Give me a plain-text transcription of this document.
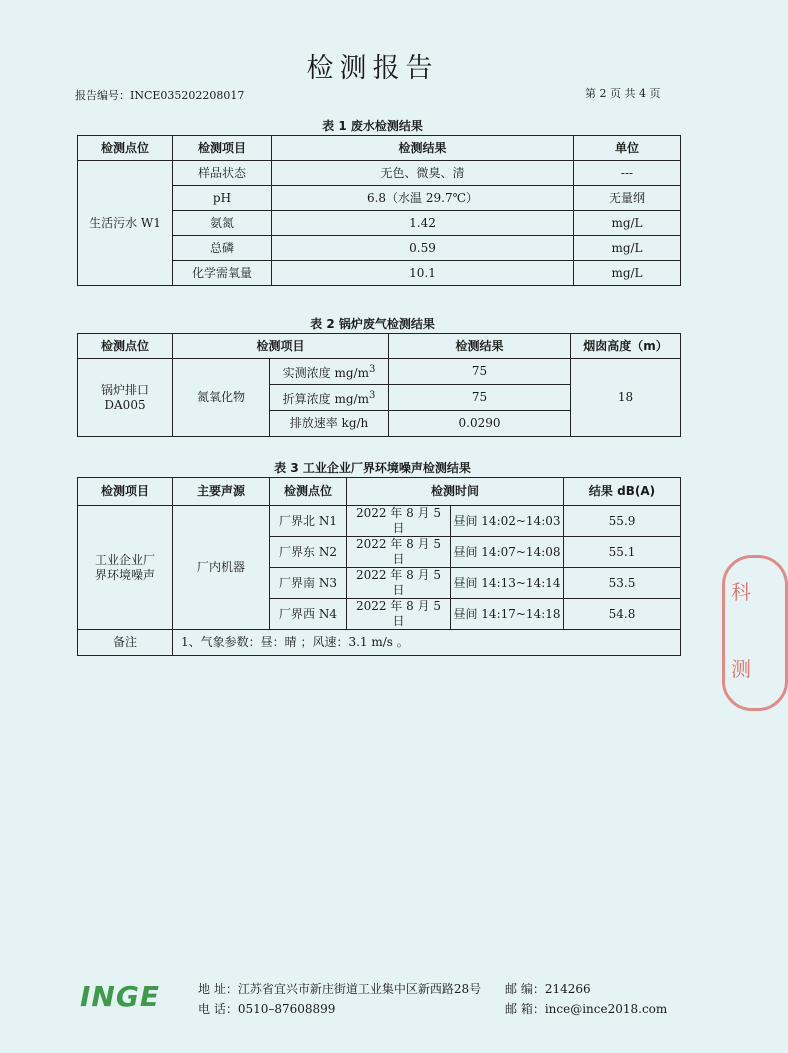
检测报告
报告编号：INCE035202208017	第 2 页 共 4 页
表 1 废水检测结果
检测点位	检测项目	检测结果	单位
生活污水 W1	样品状态	无色、微臭、清	---
	pH	6.8（水温 29.7℃）	无量纲
	氨氮	1.42	mg/L
	总磷	0.59	mg/L
	化学需氧量	10.1	mg/L
表 2 锅炉废气检测结果
检测点位	检测项目		检测结果	烟囱高度（m）

锅炉排口
DA005	氮氧化物	实测浓度 $mg/m^3$	75	18
		折算浓度 $mg/m^3$	75	
		排放速率 kg/h	0.0290	
表 3 工业企业厂界环境噪声检测结果
检测项目	主要声源	检测点位	检测时间		结果 dB(A)

工业企业厂
界环境噪声	厂内机器	厂界北 N1	2022 年 8 月 5 日	昼间 14:02~14:03	55.9
		厂界东 N2	2022 年 8 月 5 日	昼间 14:07~14:08	55.1
		厂界南 N3	2022 年 8 月 5 日	昼间 14:13~14:14	53.5
		厂界西 N4	2022 年 8 月 5 日	昼间 14:17~14:18	54.8
备注	1、气象参数：昼：晴 ；风速：3.1 m/s 。				
科
测
INGE	地 址：江苏省宜兴市新庄街道工业集中区新西路28号 邮 编：214266
电 话：0510–87608899	邮 箱：ince@ince2018.com
